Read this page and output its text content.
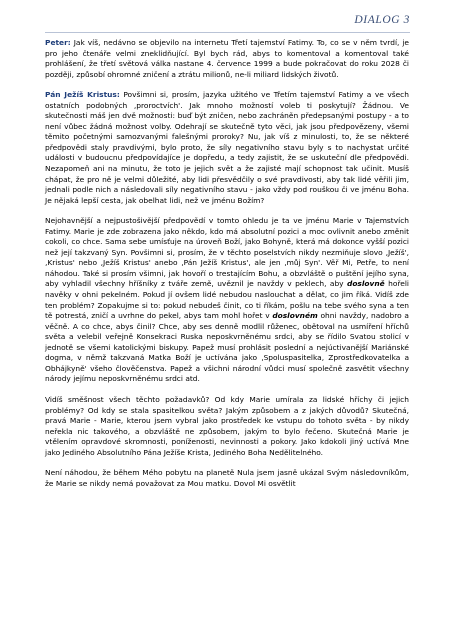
DIALOG 3

Peter: Jak víš, nedávno se objevilo na internetu Třetí tajemství Fatimy. To, co se v něm tvrdí, je pro jeho čtenáře velmi zneklidňující. Byl bych rád, abys to komentoval a komentoval také prohlášení, že třetí světová válka nastane 4. července 1999 a bude pokračovat do roku 2028 či později, způsobí ohromné zničení a ztrátu milionů, ne-li miliard lidských životů.

Pán Ježíš Kristus: Povšimni si, prosím, jazyka užitého ve Třetím tajemství Fatimy a ve všech ostatních podobných ‚proroctvích'. Jak mnoho možností voleb ti poskytují? Žádnou. Ve skutečnosti máš jen dvě možnosti: buď být zničen, nebo zachráněn předepsanými postupy - a to není vůbec žádná možnost volby. Odehrají se skutečně tyto věci, jak jsou předpovězeny, všemi těmito početnými samozvanými falešnými proroky? Nu, jak víš z minulosti, to, že se některé předpovědi staly pravdivými, bylo proto, že síly negativního stavu byly s to nachystat určité události v budoucnu předpovídajíce je dopředu, a tedy zajistit, že se uskuteční dle předpovědi. Nezapomeň ani na minutu, že toto je jejich svět a že zajisté mají schopnost tak učinit. Musíš chápat, že pro ně je velmi důležité, aby lidi přesvědčily o své pravdivosti, aby tak lidé věřili jim, jednali podle nich a následovali síly negativního stavu - jako vždy pod rouškou či ve jménu Boha. Je nějaká lepší cesta, jak obelhat lidi, než ve jménu Božím?

Nejohavnější a nejpustošivější předpovědí v tomto ohledu je ta ve jménu Marie v Tajemstvích Fatimy. Marie je zde zobrazena jako někdo, kdo má absolutní pozici a moc ovlivnit anebo změnit cokoli, co chce. Sama sebe umísťuje na úroveň Boží, jako Bohyně, která má dokonce vyšší pozici než její takzvaný Syn. Povšimni si, prosím, že v těchto poselstvích nikdy nezmiňuje slovo ‚Ježíš', ‚Kristus' nebo ‚Ježíš Kristus' anebo ‚Pán Ježíš Kristus', ale jen ‚můj Syn'. Věř Mi, Petře, to není náhodou. Také si prosím všimni, jak hovoří o trestajícím Bohu, a obzvláště o puštění jejího syna, aby vyhladil všechny hříšníky z tváře země, uvěznil je navždy v peklech, aby doslovně hořeli navěky v ohni pekelném. Pokud jí ovšem lidé nebudou naslouchat a dělat, co jim říká. Vidíš zde ten problém? Zopakujme si to: pokud nebudeš činit, co ti říkám, pošlu na tebe svého syna a ten tě potrestá, zničí a uvrhne do pekel, abys tam mohl hořet v doslovném ohni navždy, nadobro a věčně. A co chce, abys činil? Chce, aby ses denně modlil růženec, obětoval na usmíření hříchů světa a velebil veřejně Konsekraci Ruska neposkvrněnému srdci, aby se řídilo Svatou stolicí v jednotě se všemi katolickými biskupy. Papež musí prohlásit poslední a nejúctivanější Mariánské dogma, v němž takzvaná Matka Boží je uctívána jako ‚Spoluspasitelka, Zprostředkovatelka a Obhájkyně' všeho člověčenstva. Papež a všichni národní vůdci musí společně zasvětit všechny národy jejímu neposkvrněnému srdci atd.

Vidíš směšnost všech těchto požadavků? Od kdy Marie umírala za lidské hříchy či jejich problémy? Od kdy se stala spasitelkou světa? Jakým způsobem a z jakých důvodů? Skutečná, pravá Marie - Marie, kterou jsem vybral jako prostředek ke vstupu do tohoto světa - by nikdy neřekla nic takového, a obzvláště ne způsobem, jakým to bylo řečeno. Skutečná Marie je vtělením opravdové skromnosti, poníženosti, nevinnosti a pokory. Jako kdokoli jiný uctívá Mne jako Jediného Absolutního Pána Ježíše Krista, Jediného Boha Nedělitelného.

Není náhodou, že během Mého pobytu na planetě Nula jsem jasně ukázal Svým následovníkům, že Marie se nikdy nemá považovat za Mou matku. Dovol Mi osvětlit
